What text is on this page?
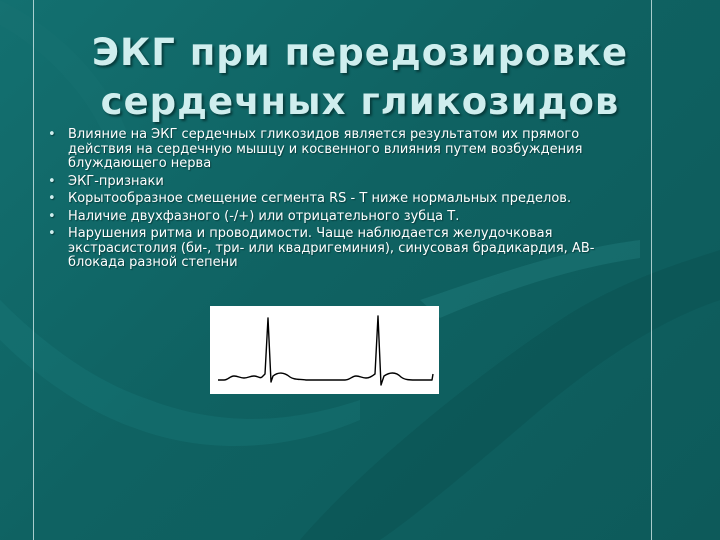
ЭКГ при передозировке сердечных гликозидов
• Влияние на ЭКГ сердечных гликозидов является результатом их прямого действия на сердечную мышцу и косвенного влияния путем возбуждения блуждающего нерва
• ЭКГ-признаки
• Корытообразное смещение сегмента RS - T ниже нормальных пределов.
• Наличие двухфазного (-/+) или отрицательного зубца Т.
• Нарушения ритма и проводимости. Чаще наблюдается желудочковая экстрасистолия (би-, три- или квадригеминия), синусовая брадикардия, АВ-блокада разной степени
